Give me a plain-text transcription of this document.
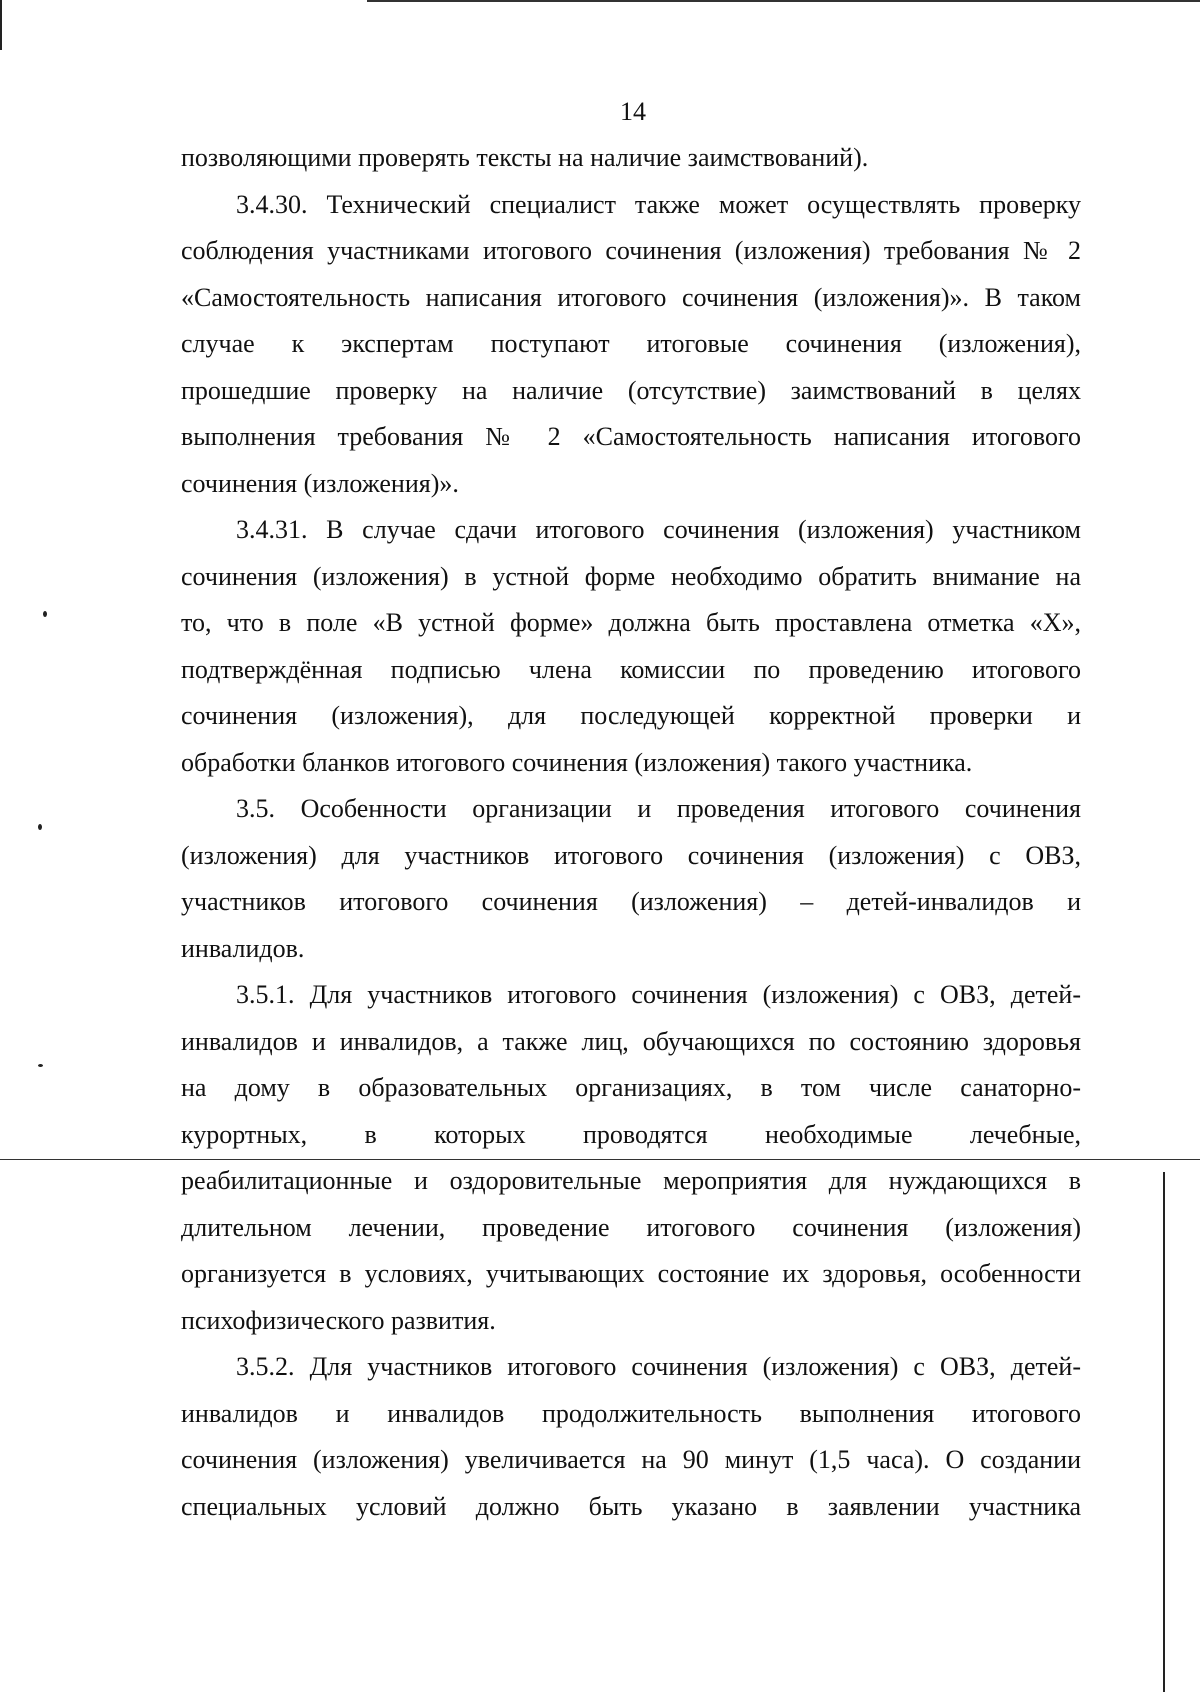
14
позволяющими проверять тексты на наличие заимствований).
3.4.30. Технический специалист также может осуществлять проверку
соблюдения участниками итогового сочинения (изложения) требования № 2
«Самостоятельность написания итогового сочинения (изложения)». В таком
случае к экспертам поступают итоговые сочинения (изложения),
прошедшие проверку на наличие (отсутствие) заимствований в целях
выполнения требования № 2 «Самостоятельность написания итогового
сочинения (изложения)».
3.4.31. В случае сдачи итогового сочинения (изложения) участником
сочинения (изложения) в устной форме необходимо обратить внимание на
то, что в поле «В устной форме» должна быть проставлена отметка «Х»,
подтверждённая подписью члена комиссии по проведению итогового
сочинения (изложения), для последующей корректной проверки и
обработки бланков итогового сочинения (изложения) такого участника.
3.5. Особенности организации и проведения итогового сочинения
(изложения) для участников итогового сочинения (изложения) с ОВЗ,
участников итогового сочинения (изложения) – детей-инвалидов и
инвалидов.
3.5.1. Для участников итогового сочинения (изложения) с ОВЗ, детей-
инвалидов и инвалидов, а также лиц, обучающихся по состоянию здоровья
на дому в образовательных организациях, в том числе санаторно-
курортных, в которых проводятся необходимые лечебные,
реабилитационные и оздоровительные мероприятия для нуждающихся в
длительном лечении, проведение итогового сочинения (изложения)
организуется в условиях, учитывающих состояние их здоровья, особенности
психофизического развития.
3.5.2. Для участников итогового сочинения (изложения) с ОВЗ, детей-
инвалидов и инвалидов продолжительность выполнения итогового
сочинения (изложения) увеличивается на 90 минут (1,5 часа). О создании
специальных условий должно быть указано в заявлении участника
